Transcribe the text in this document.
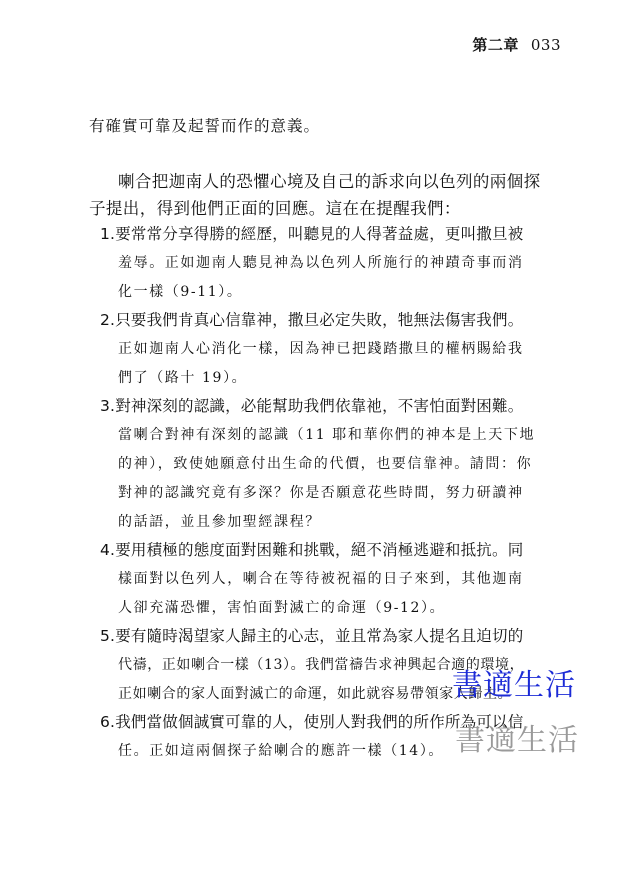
第二章 033
有確實可靠及起誓而作的意義。
喇合把迦南人的恐懼心境及自己的訴求向以色列的兩個探
子提出，得到他們正面的回應。這在在提醒我們：
1.要常常分享得勝的經歷，叫聽見的人得著益處，更叫撒旦被
羞辱。正如迦南人聽見神為以色列人所施行的神蹟奇事而消
化一樣（9-11）。
2.只要我們肯真心信靠神，撒旦必定失敗，牠無法傷害我們。
正如迦南人心消化一樣，因為神已把踐踏撒旦的權柄賜給我
們了（路十 19）。
3.對神深刻的認識，必能幫助我們依靠祂，不害怕面對困難。
當喇合對神有深刻的認識（11 耶和華你們的神本是上天下地
的神），致使她願意付出生命的代價，也要信靠神。請問：你
對神的認識究竟有多深？你是否願意花些時間，努力研讀神
的話語，並且參加聖經課程？
4.要用積極的態度面對困難和挑戰，絕不消極逃避和抵抗。同
樣面對以色列人，喇合在等待被祝福的日子來到，其他迦南
人卻充滿恐懼，害怕面對滅亡的命運（9-12）。
5.要有隨時渴望家人歸主的心志，並且常為家人提名且迫切的
代禱，正如喇合一樣（13）。我們當禱告求神興起合適的環境，
正如喇合的家人面對滅亡的命運，如此就容易帶領家人歸主。
6.我們當做個誠實可靠的人，使別人對我們的所作所為可以信
任。正如這兩個探子給喇合的應許一樣（14）。
書適生活
書適生活
